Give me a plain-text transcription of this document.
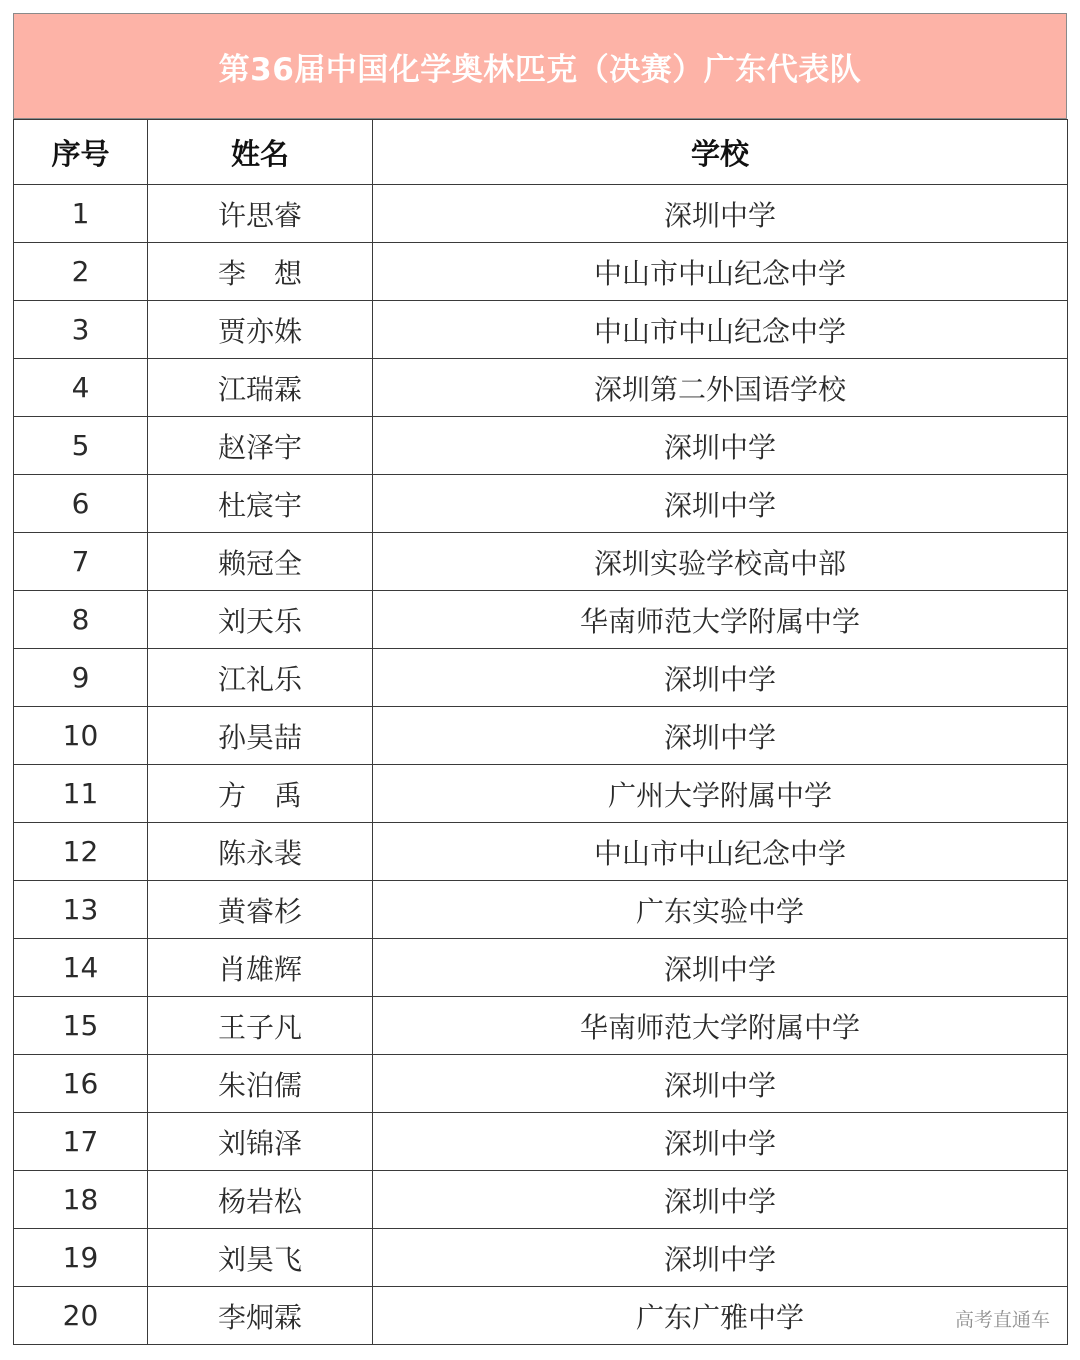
第36届中国化学奥林匹克（决赛）广东代表队
序号	姓名	学校
1	许思睿	深圳中学
2	李　想	中山市中山纪念中学
3	贾亦姝	中山市中山纪念中学
4	江瑞霖	深圳第二外国语学校
5	赵泽宇	深圳中学
6	杜宸宇	深圳中学
7	赖冠全	深圳实验学校高中部
8	刘天乐	华南师范大学附属中学
9	江礼乐	深圳中学
10	孙昊喆	深圳中学
11	方　禹	广州大学附属中学
12	陈永裴	中山市中山纪念中学
13	黄睿杉	广东实验中学
14	肖雄辉	深圳中学
15	王子凡	华南师范大学附属中学
16	朱泊儒	深圳中学
17	刘锦泽	深圳中学
18	杨岩松	深圳中学
19	刘昊飞	深圳中学
20	李炯霖	广东广雅中学	高考直通车
